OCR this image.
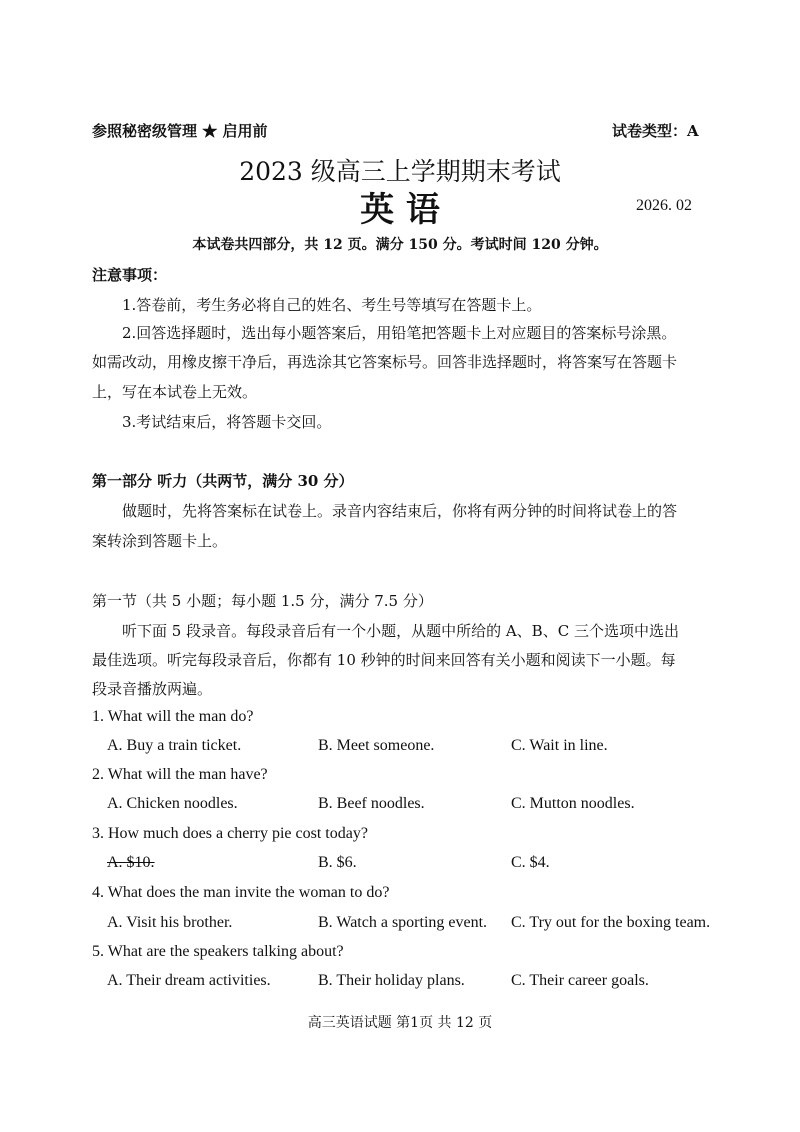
参照秘密级管理 ★ 启用前	试卷类型：A
2023 级高三上学期期末考试
英 语	2026. 02
本试卷共四部分，共 12 页。满分 150 分。考试时间 120 分钟。
注意事项：
1.答卷前，考生务必将自己的姓名、考生号等填写在答题卡上。
2.回答选择题时，选出每小题答案后，用铅笔把答题卡上对应题目的答案标号涂黑。
如需改动，用橡皮擦干净后，再选涂其它答案标号。回答非选择题时，将答案写在答题卡
上，写在本试卷上无效。
3.考试结束后，将答题卡交回。
第一部分 听力（共两节，满分 30 分）
做题时，先将答案标在试卷上。录音内容结束后，你将有两分钟的时间将试卷上的答
案转涂到答题卡上。
第一节（共 5 小题；每小题 1.5 分，满分 7.5 分）
听下面 5 段录音。每段录音后有一个小题，从题中所给的 A、B、C 三个选项中选出
最佳选项。听完每段录音后，你都有 10 秒钟的时间来回答有关小题和阅读下一小题。每
段录音播放两遍。
1. What will the man do?
A. Buy a train ticket.	B. Meet someone.	C. Wait in line.
2. What will the man have?
A. Chicken noodles.	B. Beef noodles.	C. Mutton noodles.
3. How much does a cherry pie cost today?
A. $10.	B. $6.	C. $4.
4. What does the man invite the woman to do?
A. Visit his brother.	B. Watch a sporting event. C. Try out for the boxing team.
5. What are the speakers talking about?
A. Their dream activities.	B. Their holiday plans.	C. Their career goals.
高三英语试题 第1页 共 12 页
